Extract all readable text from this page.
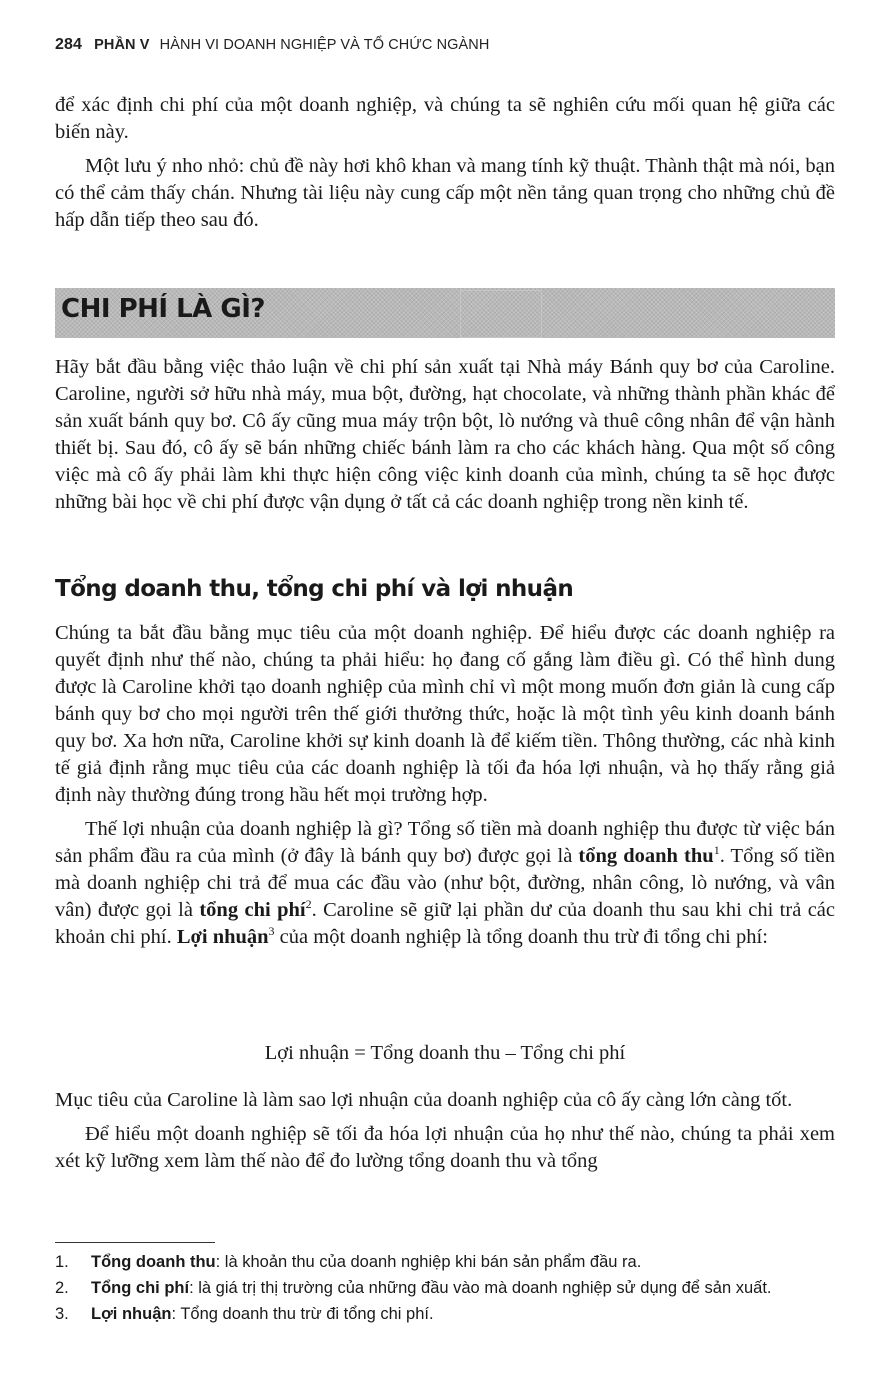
284 PHẦN V HÀNH VI DOANH NGHIỆP VÀ TỔ CHỨC NGÀNH

để xác định chi phí của một doanh nghiệp, và chúng ta sẽ nghiên cứu mối quan hệ giữa các biến này.

Một lưu ý nho nhỏ: chủ đề này hơi khô khan và mang tính kỹ thuật. Thành thật mà nói, bạn có thể cảm thấy chán. Nhưng tài liệu này cung cấp một nền tảng quan trọng cho những chủ đề hấp dẫn tiếp theo sau đó.

CHI PHÍ LÀ GÌ?

Hãy bắt đầu bằng việc thảo luận về chi phí sản xuất tại Nhà máy Bánh quy bơ của Caroline. Caroline, người sở hữu nhà máy, mua bột, đường, hạt chocolate, và những thành phần khác để sản xuất bánh quy bơ. Cô ấy cũng mua máy trộn bột, lò nướng và thuê công nhân để vận hành thiết bị. Sau đó, cô ấy sẽ bán những chiếc bánh làm ra cho các khách hàng. Qua một số công việc mà cô ấy phải làm khi thực hiện công việc kinh doanh của mình, chúng ta sẽ học được những bài học về chi phí được vận dụng ở tất cả các doanh nghiệp trong nền kinh tế.

Tổng doanh thu, tổng chi phí và lợi nhuận

Chúng ta bắt đầu bằng mục tiêu của một doanh nghiệp. Để hiểu được các doanh nghiệp ra quyết định như thế nào, chúng ta phải hiểu: họ đang cố gắng làm điều gì. Có thể hình dung được là Caroline khởi tạo doanh nghiệp của mình chỉ vì một mong muốn đơn giản là cung cấp bánh quy bơ cho mọi người trên thế giới thưởng thức, hoặc là một tình yêu kinh doanh bánh quy bơ. Xa hơn nữa, Caroline khởi sự kinh doanh là để kiếm tiền. Thông thường, các nhà kinh tế giả định rằng mục tiêu của các doanh nghiệp là tối đa hóa lợi nhuận, và họ thấy rằng giả định này thường đúng trong hầu hết mọi trường hợp.

Thế lợi nhuận của doanh nghiệp là gì? Tổng số tiền mà doanh nghiệp thu được từ việc bán sản phẩm đầu ra của mình (ở đây là bánh quy bơ) được gọi là tổng doanh thu$^1$. Tổng số tiền mà doanh nghiệp chi trả để mua các đầu vào (như bột, đường, nhân công, lò nướng, và vân vân) được gọi là tổng chi phí$^2$. Caroline sẽ giữ lại phần dư của doanh thu sau khi chi trả các khoản chi phí. Lợi nhuận$^3$ của một doanh nghiệp là tổng doanh thu trừ đi tổng chi phí:

Lợi nhuận = Tổng doanh thu – Tổng chi phí

Mục tiêu của Caroline là làm sao lợi nhuận của doanh nghiệp của cô ấy càng lớn càng tốt.

Để hiểu một doanh nghiệp sẽ tối đa hóa lợi nhuận của họ như thế nào, chúng ta phải xem xét kỹ lưỡng xem làm thế nào để đo lường tổng doanh thu và tổng

1.	Tổng doanh thu: là khoản thu của doanh nghiệp khi bán sản phẩm đầu ra.
2.	Tổng chi phí: là giá trị thị trường của những đầu vào mà doanh nghiệp sử dụng để sản xuất.
3.	Lợi nhuận: Tổng doanh thu trừ đi tổng chi phí.
